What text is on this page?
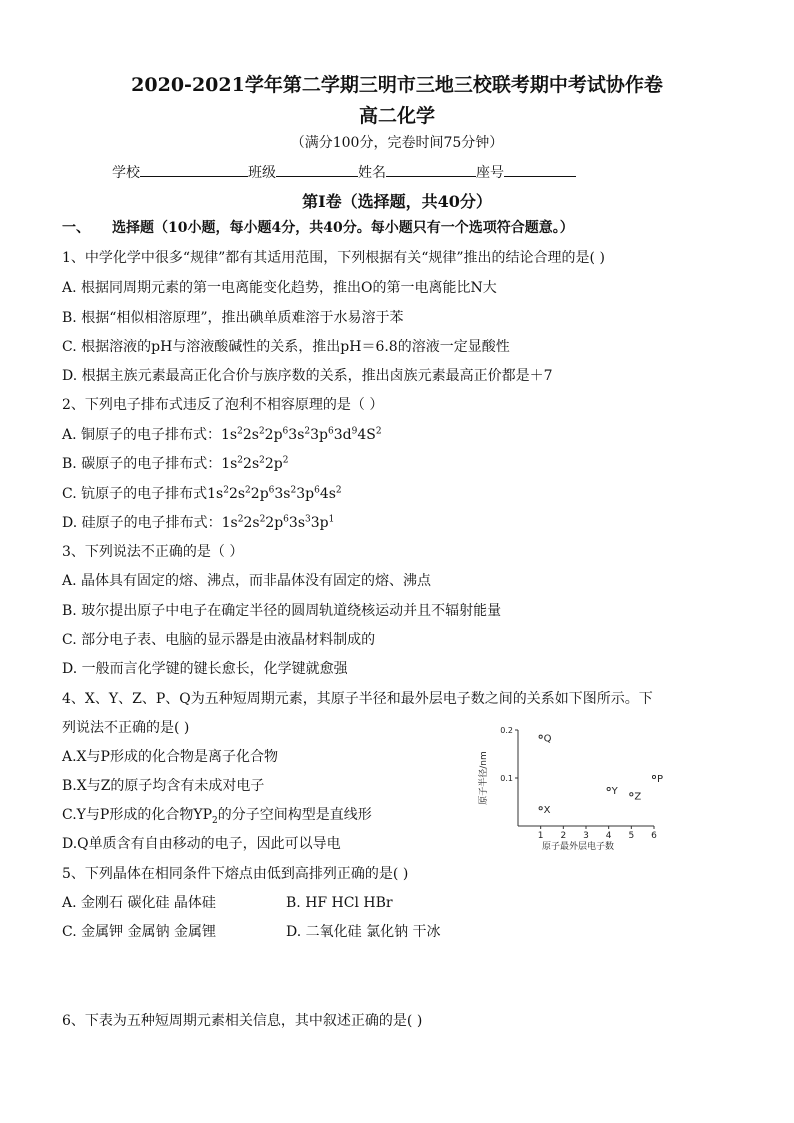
2020-2021学年第二学期三明市三地三校联考期中考试协作卷
高二化学
（满分100分，完卷时间75分钟）
学校	班级	姓名	座号
第Ⅰ卷（选择题，共40分）
一、 选择题（10小题，每小题4分，共40分。每小题只有一个选项符合题意。）
1、中学化学中很多“规律”都有其适用范围，下列根据有关“规律”推出的结论合理的是( )
A. 根据同周期元素的第一电离能变化趋势，推出O的第一电离能比N大
B. 根据“相似相溶原理”，推出碘单质难溶于水易溶于苯
C. 根据溶液的pH与溶液酸碱性的关系，推出pH＝6.8的溶液一定显酸性
D. 根据主族元素最高正化合价与族序数的关系，推出卤族元素最高正价都是＋7
2、下列电子排布式违反了泡利不相容原理的是（ ）
A. 铜原子的电子排布式：$1s^22s^22p^63s^23p^63d^94S^2$
B. 碳原子的电子排布式：$1s^22s^22p^2$
C. 钪原子的电子排布式$1s^22s^22p^63s^23p^64s^2$
D. 硅原子的电子排布式：$1s^22s^22p^63s^33p^1$
3、下列说法不正确的是（ ）
A. 晶体具有固定的熔、沸点，而非晶体没有固定的熔、沸点
B. 玻尔提出原子中电子在确定半径的圆周轨道绕核运动并且不辐射能量
C. 部分电子表、电脑的显示器是由液晶材料制成的
D. 一般而言化学键的键长愈长，化学键就愈强
4、X、Y、Z、P、Q为五种短周期元素，其原子半径和最外层电子数之间的关系如下图所示。下
列说法不正确的是( )
A.X与P形成的化合物是离子化合物
B.X与Z的原子均含有未成对电子
C.Y与P形成的化合物$YP_2$的分子空间构型是直线形
D.Q单质含有自由移动的电子，因此可以导电	1 2 3 4 5 6
0.2
0.1
原子最外层电子数
原子半径/nm
Q
X
Y Z
P
5、下列晶体在相同条件下熔点由低到高排列正确的是( )
A. 金刚石 碳化硅 晶体硅	B. HF HCl HBr
C. 金属钾 金属钠 金属锂	D. 二氧化硅 氯化钠 干冰
6、下表为五种短周期元素相关信息，其中叙述正确的是( )
